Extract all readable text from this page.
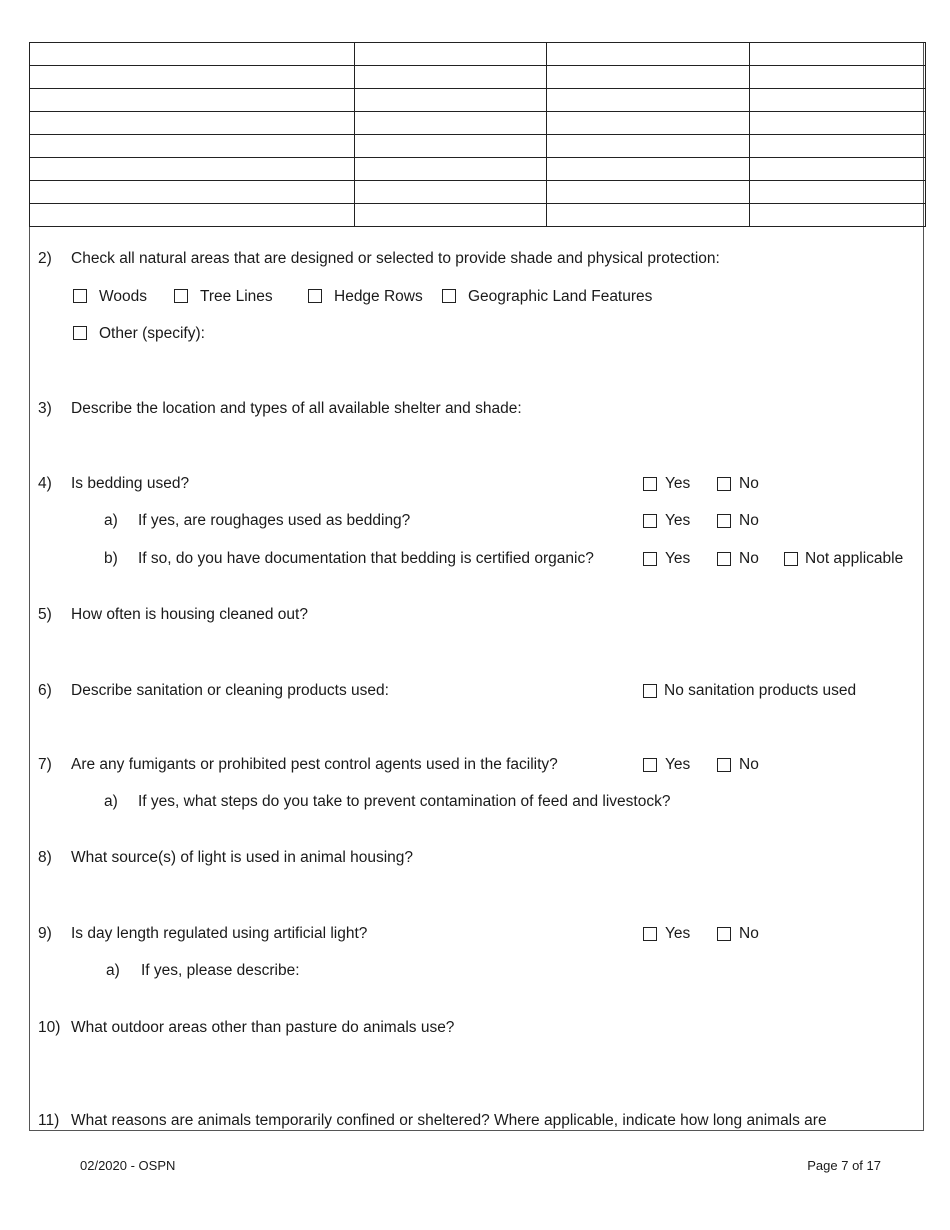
2) Check all natural areas that are designed or selected to provide shade and physical protection:
Woods	Tree Lines	Hedge Rows	Geographic Land Features
Other (specify):
3) Describe the location and types of all available shelter and shade:
4) Is bedding used?	Yes	No
a) If yes, are roughages used as bedding?	Yes	No
b) If so, do you have documentation that bedding is certified organic?	Yes	No	Not applicable
5) How often is housing cleaned out?
6) Describe sanitation or cleaning products used:	No sanitation products used
7) Are any fumigants or prohibited pest control agents used in the facility?	Yes	No
a) If yes, what steps do you take to prevent contamination of feed and livestock?
8) What source(s) of light is used in animal housing?
9) Is day length regulated using artificial light?	Yes	No
a) If yes, please describe:
10) What outdoor areas other than pasture do animals use?
11) What reasons are animals temporarily confined or sheltered? Where applicable, indicate how long animals are
02/2020 - OSPN	Page 7 of 17
